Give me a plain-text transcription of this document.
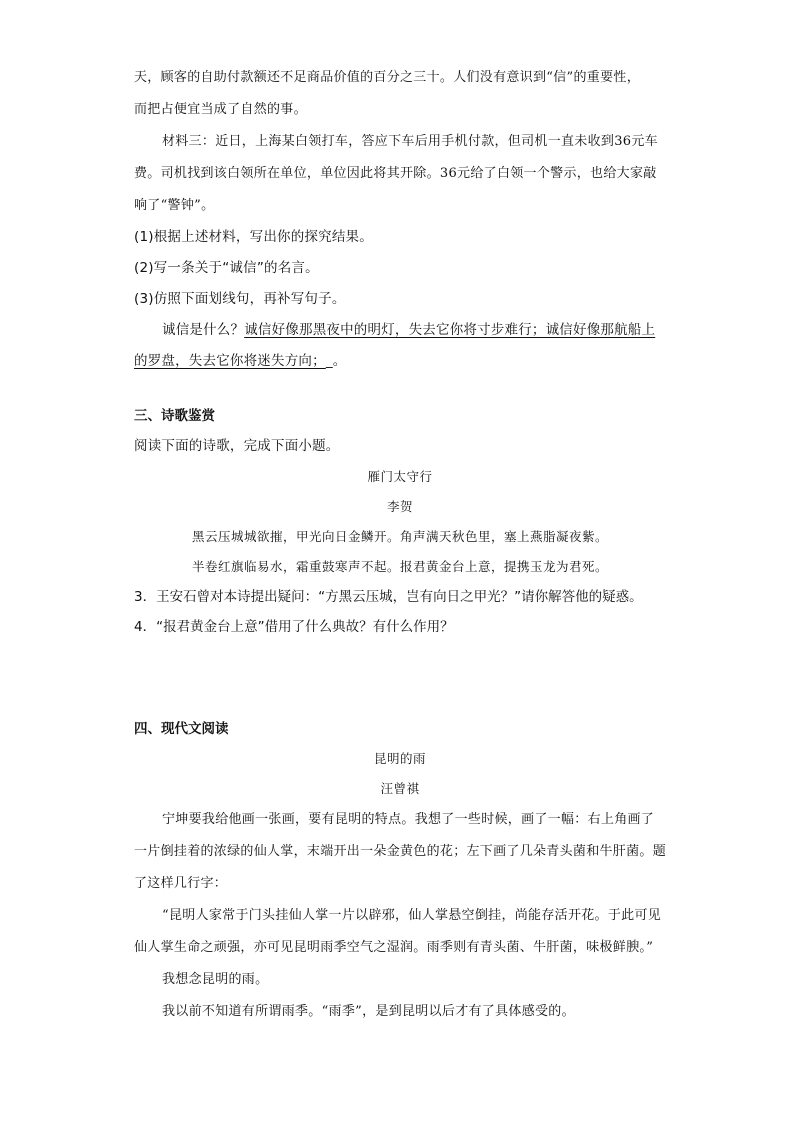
天，顾客的自助付款额还不足商品价值的百分之三十。人们没有意识到“信”的重要性，

而把占便宜当成了自然的事。

材料三：近日，上海某白领打车，答应下车后用手机付款，但司机一直未收到36元车费。司机找到该白领所在单位，单位因此将其开除。36元给了白领一个警示，也给大家敲响了“警钟”。

(1)根据上述材料，写出你的探究结果。

(2)写一条关于“诚信”的名言。

(3)仿照下面划线句，再补写句子。

诚信是什么？诚信好像那黑夜中的明灯，失去它你将寸步难行；诚信好像那航船上的罗盘，失去它你将迷失方向；_。

三、诗歌鉴赏

阅读下面的诗歌，完成下面小题。

雁门太守行

李贺

黑云压城城欲摧，甲光向日金鳞开。角声满天秋色里，塞上燕脂凝夜紫。

半卷红旗临易水，霜重鼓寒声不起。报君黄金台上意，提携玉龙为君死。

3．王安石曾对本诗提出疑问：“方黑云压城，岂有向日之甲光？”请你解答他的疑惑。

4．“报君黄金台上意”借用了什么典故？有什么作用？

四、现代文阅读

昆明的雨

汪曾祺

宁坤要我给他画一张画，要有昆明的特点。我想了一些时候，画了一幅：右上角画了一片倒挂着的浓绿的仙人掌，末端开出一朵金黄色的花；左下画了几朵青头菌和牛肝菌。题了这样几行字：

“昆明人家常于门头挂仙人掌一片以辟邪，仙人掌悬空倒挂，尚能存活开花。于此可见仙人掌生命之顽强，亦可见昆明雨季空气之湿润。雨季则有青头菌、牛肝菌，味极鲜腴。”

我想念昆明的雨。

我以前不知道有所谓雨季。“雨季”，是到昆明以后才有了具体感受的。
